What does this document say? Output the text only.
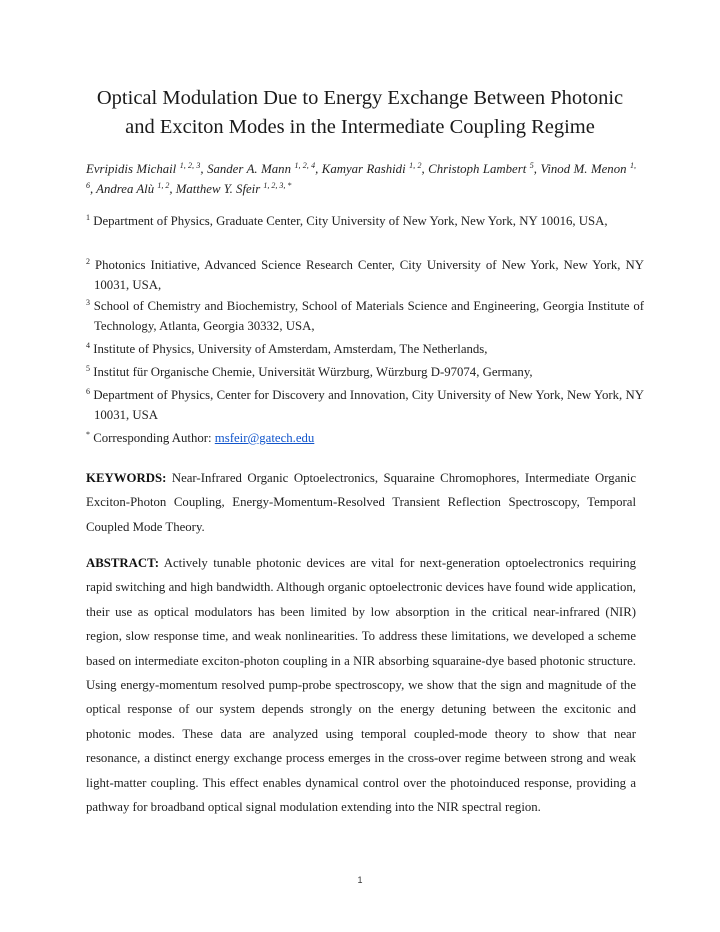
Optical Modulation Due to Energy Exchange Between Photonic
and Exciton Modes in the Intermediate Coupling Regime
Evripidis Michail $^{1, 2, 3}$, Sander A. Mann $^{1, 2, 4}$, Kamyar Rashidi $^{1, 2}$, Christoph Lambert $^5$, Vinod M. Menon $^{1, 6}$, Andrea Alù $^{1, 2}$, Matthew Y. Sfeir $^{1, 2, 3, *}$
$^1$ Department of Physics, Graduate Center, City University of New York, New York, NY 10016, USA,
$^2$ Photonics Initiative, Advanced Science Research Center, City University of New York, New York, NY 10031, USA,
$^3$ School of Chemistry and Biochemistry, School of Materials Science and Engineering, Georgia Institute of Technology, Atlanta, Georgia 30332, USA,
$^4$ Institute of Physics, University of Amsterdam, Amsterdam, The Netherlands,
$^5$ Institut für Organische Chemie, Universität Würzburg, Würzburg D-97074, Germany,
$^6$ Department of Physics, Center for Discovery and Innovation, City University of New York, New York, NY 10031, USA
* Corresponding Author: msfeir@gatech.edu
KEYWORDS: Near-Infrared Organic Optoelectronics, Squaraine Chromophores, Intermediate Organic Exciton-Photon Coupling, Energy-Momentum-Resolved Transient Reflection Spectroscopy, Temporal Coupled Mode Theory.
ABSTRACT: Actively tunable photonic devices are vital for next-generation optoelectronics requiring rapid switching and high bandwidth. Although organic optoelectronic devices have found wide application, their use as optical modulators has been limited by low absorption in the critical near-infrared (NIR) region, slow response time, and weak nonlinearities. To address these limitations, we developed a scheme based on intermediate exciton-photon coupling in a NIR absorbing squaraine-dye based photonic structure. Using energy-momentum resolved pump-probe spectroscopy, we show that the sign and magnitude of the optical response of our system depends strongly on the energy detuning between the excitonic and photonic modes. These data are analyzed using temporal coupled-mode theory to show that near resonance, a distinct energy exchange process emerges in the cross-over regime between strong and weak light-matter coupling. This effect enables dynamical control over the photoinduced response, providing a pathway for broadband optical signal modulation extending into the NIR spectral region.
1
